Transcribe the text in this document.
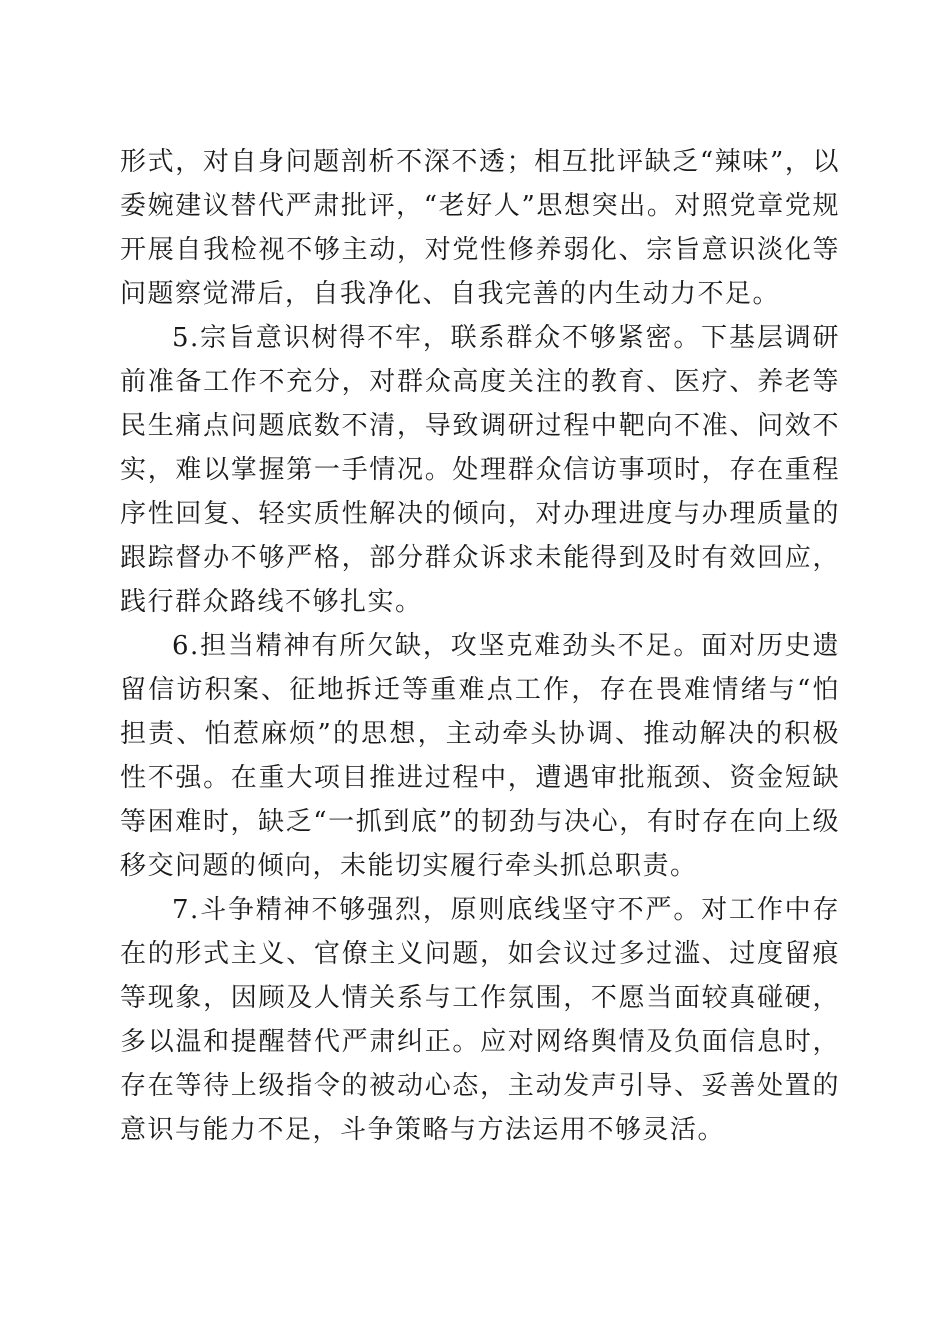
形式，对自身问题剖析不深不透；相互批评缺乏“辣味”，以委婉建议替代严肃批评，“老好人”思想突出。对照党章党规开展自我检视不够主动，对党性修养弱化、宗旨意识淡化等问题察觉滞后，自我净化、自我完善的内生动力不足。

5.宗旨意识树得不牢，联系群众不够紧密。下基层调研前准备工作不充分，对群众高度关注的教育、医疗、养老等民生痛点问题底数不清，导致调研过程中靶向不准、问效不实，难以掌握第一手情况。处理群众信访事项时，存在重程序性回复、轻实质性解决的倾向，对办理进度与办理质量的跟踪督办不够严格，部分群众诉求未能得到及时有效回应，践行群众路线不够扎实。

6.担当精神有所欠缺，攻坚克难劲头不足。面对历史遗留信访积案、征地拆迁等重难点工作，存在畏难情绪与“怕担责、怕惹麻烦”的思想，主动牵头协调、推动解决的积极性不强。在重大项目推进过程中，遭遇审批瓶颈、资金短缺等困难时，缺乏“一抓到底”的韧劲与决心，有时存在向上级移交问题的倾向，未能切实履行牵头抓总职责。

7.斗争精神不够强烈，原则底线坚守不严。对工作中存在的形式主义、官僚主义问题，如会议过多过滥、过度留痕等现象，因顾及人情关系与工作氛围，不愿当面较真碰硬，多以温和提醒替代严肃纠正。应对网络舆情及负面信息时，存在等待上级指令的被动心态，主动发声引导、妥善处置的意识与能力不足，斗争策略与方法运用不够灵活。
